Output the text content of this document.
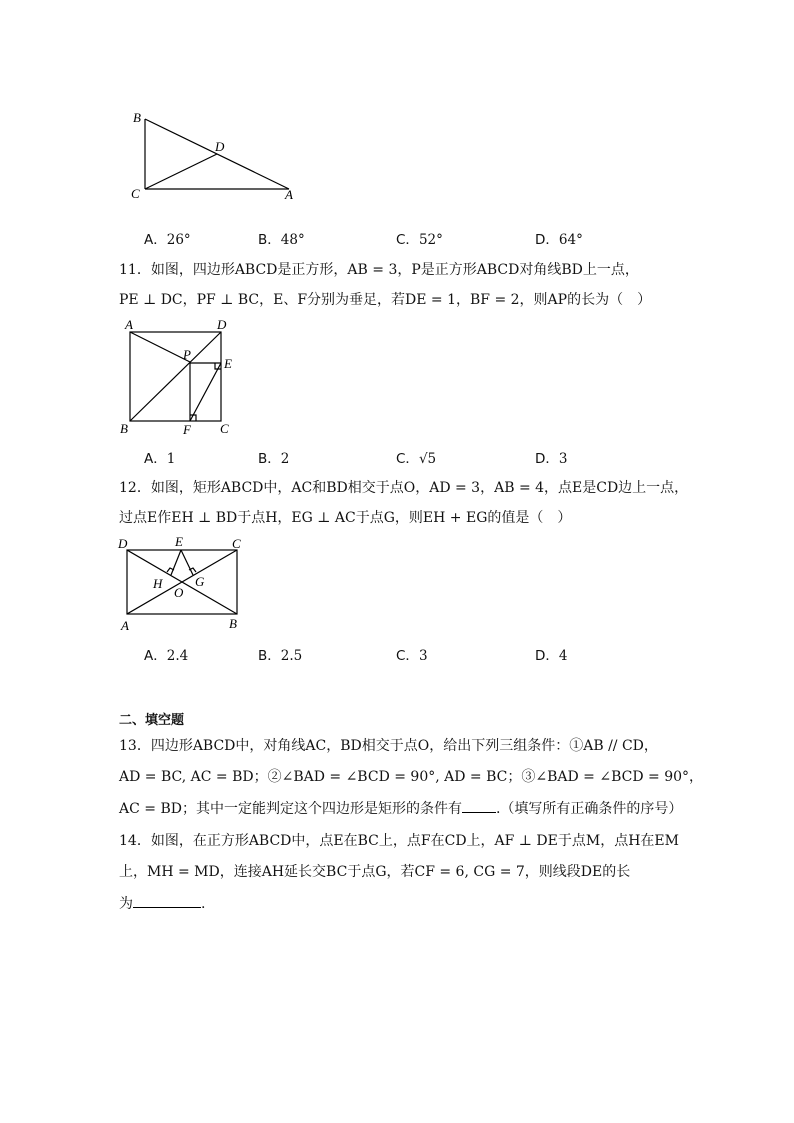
B
D
C	A
A．26°	B．48°	C．52°	D．64°
11．如图，四边形ABCD是正方形，AB = 3，P是正方形ABCD对角线BD上一点，
PE ⊥ DC，PF ⊥ BC，E、F分别为垂足，若DE = 1，BF = 2，则AP的长为（　）
A	D
P
E
B	F C
A．1	B．2	C．√5	D．3
12．如图，矩形ABCD中，AC和BD相交于点O，AD = 3，AB = 4，点E是CD边上一点，
过点E作EH ⊥ BD于点H，EG ⊥ AC于点G，则EH + EG的值是（　）
D	E	C
H	G
O
A	B
A．2.4	B．2.5	C．3	D．4
二、填空题
13．四边形ABCD中，对角线AC，BD相交于点O，给出下列三组条件：①AB // CD，
AD = BC, AC = BD；②∠BAD = ∠BCD = 90°, AD = BC；③∠BAD = ∠BCD = 90°，
AC = BD；其中一定能判定这个四边形是矩形的条件有 .（填写所有正确条件的序号）
14．如图，在正方形ABCD中，点E在BC上，点F在CD上，AF ⊥ DE于点M，点H在EM
上，MH = MD，连接AH延长交BC于点G，若CF = 6, CG = 7，则线段DE的长
为	.
